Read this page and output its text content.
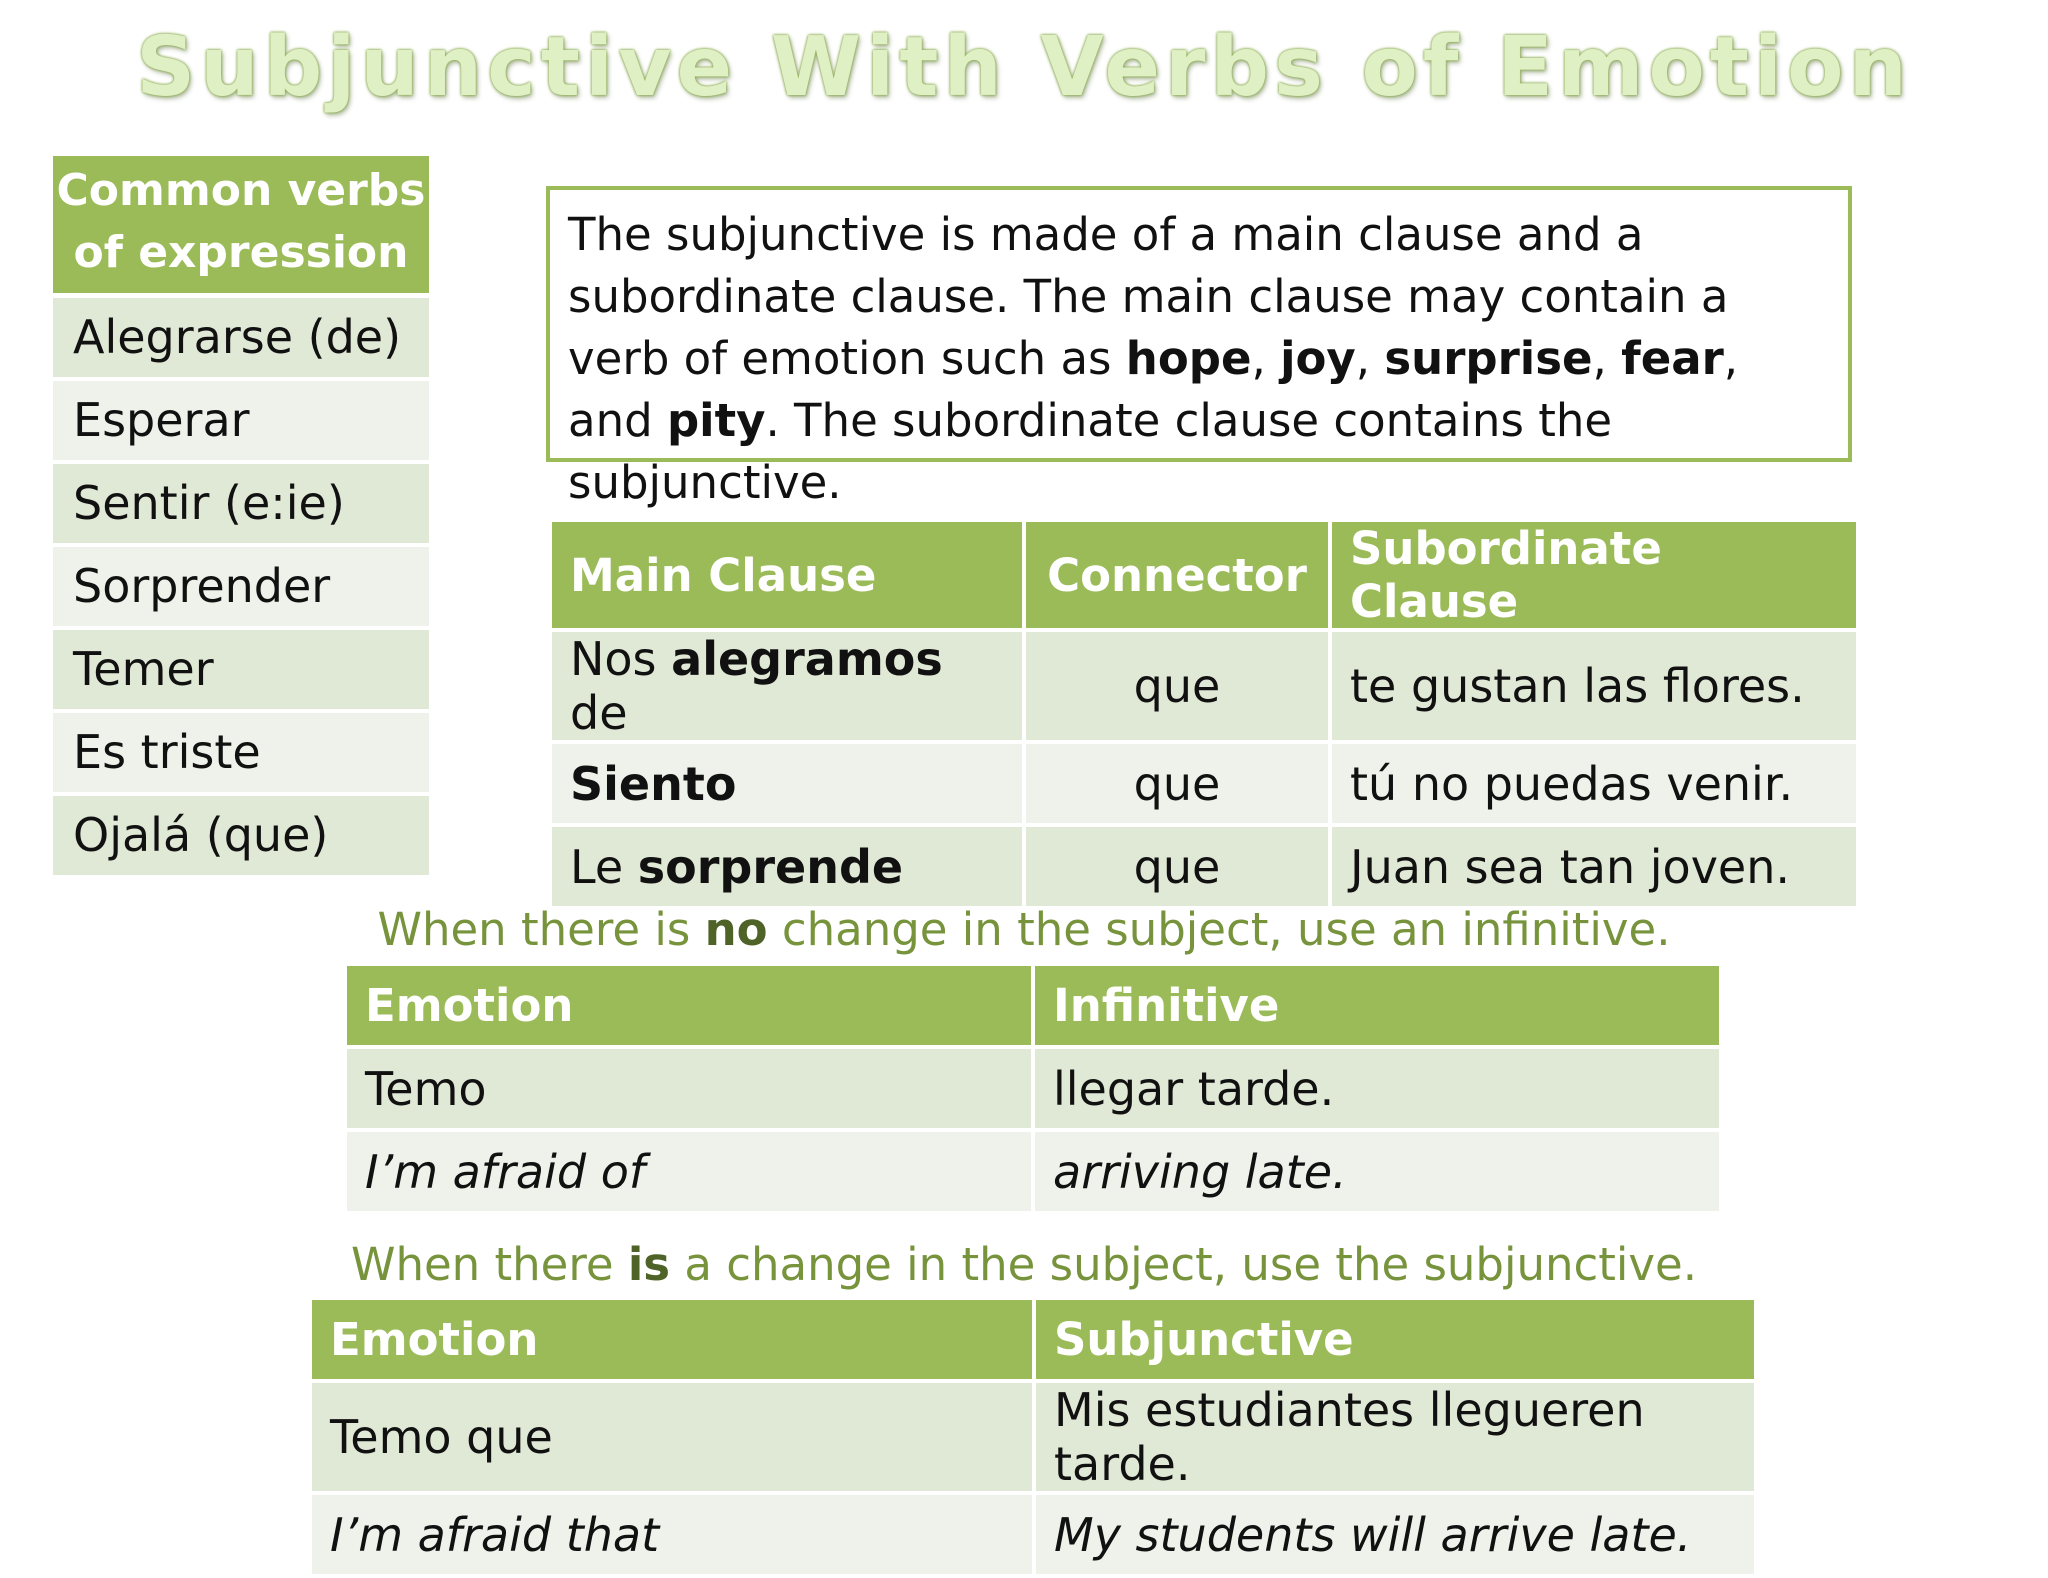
Subjunctive With Verbs of Emotion
Common verbs
of expression
Alegrarse (de)
Esperar
Sentir (e:ie)
Sorprender
Temer
Es triste
Ojalá (que)
The subjunctive is made of a main clause and a subordinate clause. The main clause may contain a verb of emotion such as hope, joy, surprise, fear, and pity. The subordinate clause contains the subjunctive.
Main Clause	Connector	Subordinate Clause
Nos alegramos de	que	te gustan las flores.
Siento	que	tú no puedas venir.
Le sorprende	que	Juan sea tan joven.
When there is no change in the subject, use an infinitive.
Emotion	Infinitive
Temo	llegar tarde.
I’m afraid of	arriving late.
When there is a change in the subject, use the subjunctive.
Emotion	Subjunctive
Temo que	Mis estudiantes llegueren tarde.
I’m afraid that	My students will arrive late.
